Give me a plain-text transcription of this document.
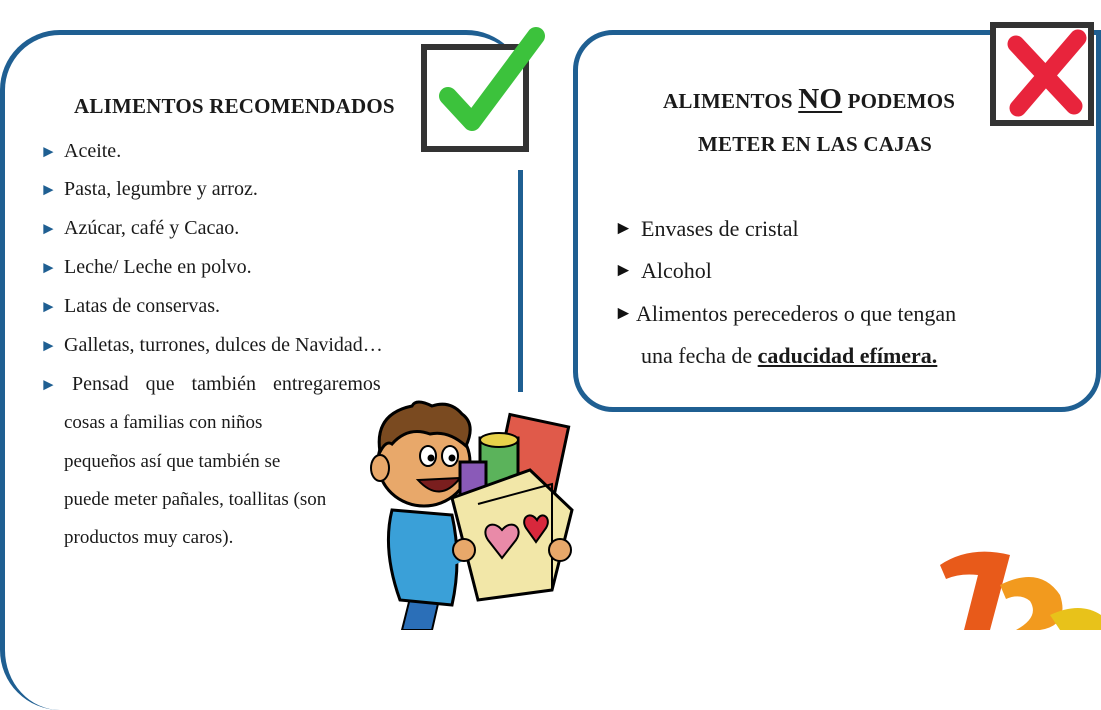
ALIMENTOS RECOMENDADOS
► Aceite.
► Pasta, legumbre y arroz.
► Azúcar, café y Cacao.
► Leche/ Leche en polvo.
► Latas de conservas.
► Galletas, turrones, dulces de Navidad…
► Pensad que también entregaremos
cosas a familias con niños
pequeños así que también se
puede meter pañales, toallitas (son
productos muy caros).
ALIMENTOS NO PODEMOS
METER EN LAS CAJAS
► Envases de cristal
► Alcohol
► Alimentos perecederos o que tengan
una fecha de
caducidad efímera.
